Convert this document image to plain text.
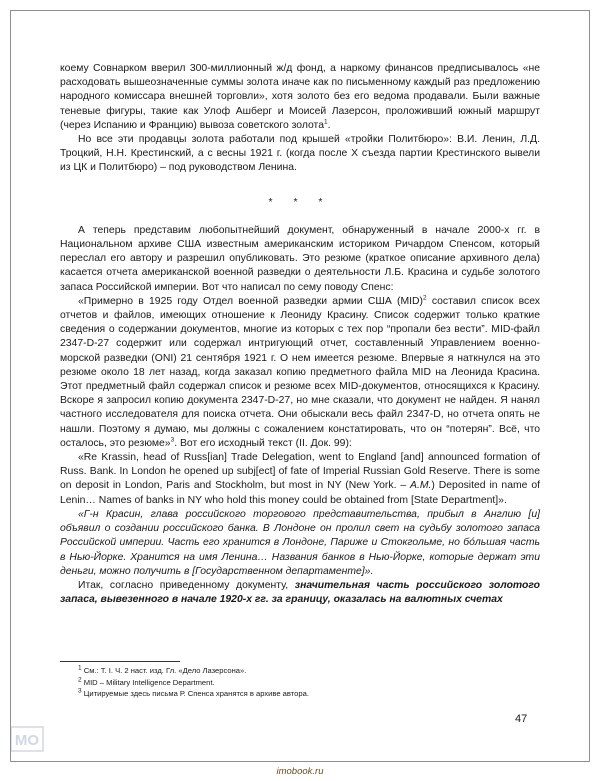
коему Совнарком вверил 300-миллионный ж/д фонд, а наркому финансов предписывалось «не расходовать вышеозначенные суммы золота иначе как по письменному каждый раз предложению народного комиссара внешней торговли», хотя золото без его ведома продавали. Были важные теневые фигуры, такие как Улоф Ашберг и Моисей Лазерсон, проложивший южный маршрут (через Испанию и Францию) вывоза советского золота$^1$.

Но все эти продавцы золота работали под крышей «тройки Политбюро»: В.И. Ленин, Л.Д. Троцкий, Н.Н. Крестинский, а с весны 1921 г. (когда после X съезда партии Крестинского вывели из ЦК и Политбюро) – под руководством Ленина.

* * *

А теперь представим любопытнейший документ, обнаруженный в начале 2000-х гг. в Национальном архиве США известным американским историком Ричардом Спенсом, который переслал его автору и разрешил опубликовать. Это резюме (краткое описание архивного дела) касается отчета американской военной разведки о деятельности Л.Б. Красина и судьбе золотого запаса Российской империи. Вот что написал по сему поводу Спенс:

«Примерно в 1925 году Отдел военной разведки армии США (MID)$^2$ составил список всех отчетов и файлов, имеющих отношение к Леониду Красину. Список содержит только краткие сведения о содержании документов, многие из которых с тех пор “пропали без вести”. MID-файл 2347-D-27 содержит или содержал интригующий отчет, составленный Управлением военно-морской разведки (ONI) 21 сентября 1921 г. О нем имеется резюме. Впервые я наткнулся на это резюме около 18 лет назад, когда заказал копию предметного файла MID на Леонида Красина. Этот предметный файл содержал список и резюме всех MID-документов, относящихся к Красину. Вскоре я запросил копию документа 2347-D-27, но мне сказали, что документ не найден. Я нанял частного исследователя для поиска отчета. Они обыскали весь файл 2347-D, но отчета опять не нашли. Поэтому я думаю, мы должны с сожалением констатировать, что он “потерян”. Всё, что осталось, это резюме»$^3$. Вот его исходный текст (II. Док. 99):

«Re Krassin, head of Russ[ian] Trade Delegation, went to England [and] announced formation of Russ. Bank. In London he opened up subj[ect] of fate of Imperial Russian Gold Reserve. There is some on deposit in London, Paris and Stockholm, but most in NY (New York. – A.M.) Deposited in name of Lenin… Names of banks in NY who hold this money could be obtained from [State Department]».

«Г-н Красин, глава российского торгового представительства, прибыл в Англию [и] объявил о создании российского банка. В Лондоне он пролил свет на судьбу золотого запаса Российской империи. Часть его хранится в Лондоне, Париже и Стокгольме, но бо́льшая часть в Нью-Йорке. Хранится на имя Ленина… Названия банков в Нью-Йорке, которые держат эти деньги, можно получить в [Государственном департаменте]».

Итак, согласно приведенному документу, значительная часть российского золотого запаса, вывезенного в начале 1920-х гг. за границу, оказалась на валютных счетах

$^1$ См.: Т. I. Ч. 2 наст. изд. Гл. «Дело Лазерсона».
$^2$ MID – Military Intelligence Department.
$^3$ Цитируемые здесь письма Р. Спенса хранятся в архиве автора.
47
MO
imobook.ru
